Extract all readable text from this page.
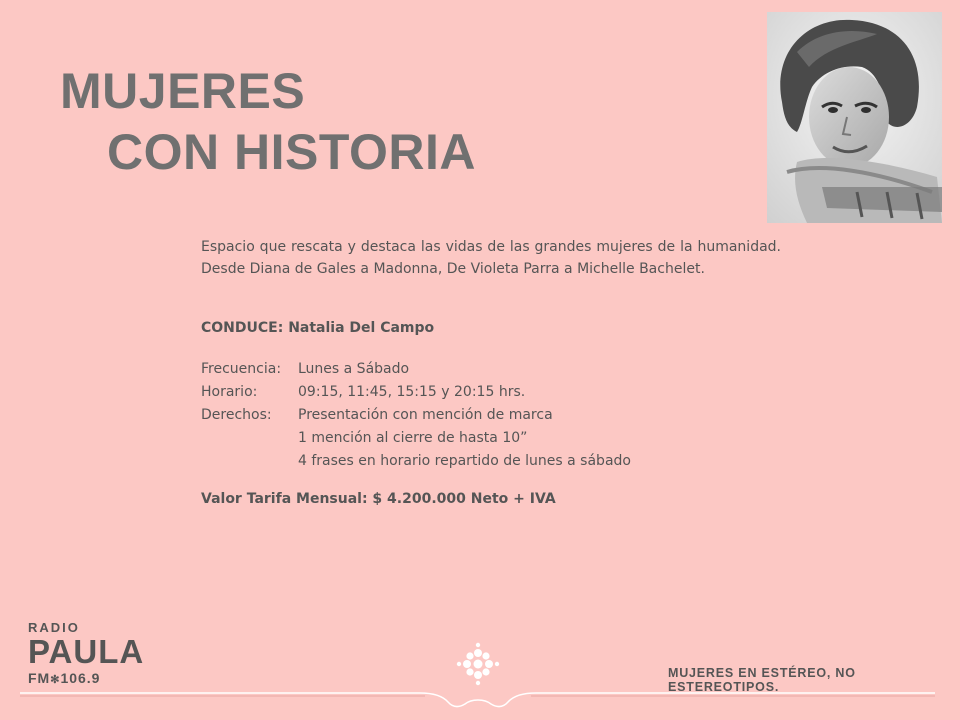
MUJERES
CON HISTORIA

Espacio que rescata y destaca las vidas de las grandes mujeres de la humanidad. Desde Diana de Gales a Madonna, De Violeta Parra a Michelle Bachelet.

CONDUCE: Natalia Del Campo
Frecuencia:	Lunes a Sábado
Horario:	09:15, 11:45, 15:15 y 20:15 hrs.
Derechos:	Presentación con mención de marca
1 mención al cierre de hasta 10”
4 frases en horario repartido de lunes a sábado
Valor Tarifa Mensual: $ 4.200.000 Neto + IVA
RADIO
PAULA
FM✻106.9	MUJERES EN ESTÉREO, NO ESTEREOTIPOS.
